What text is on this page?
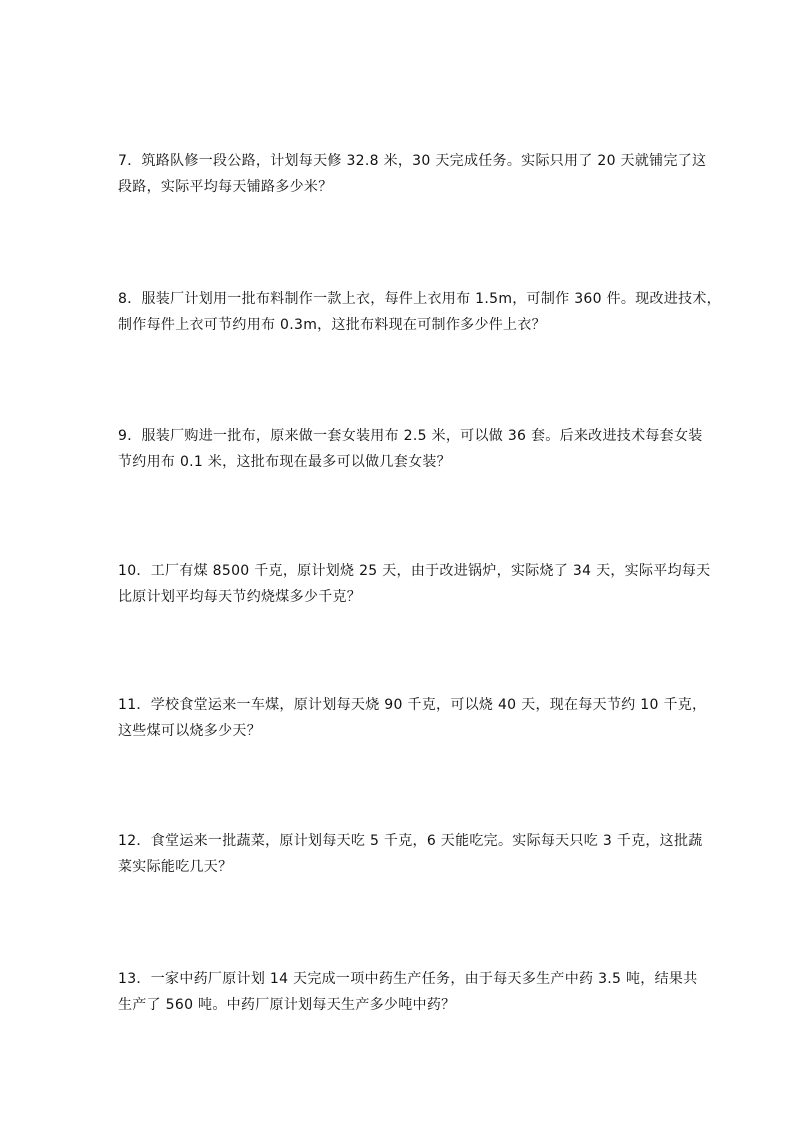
7．筑路队修一段公路，计划每天修 32.8 米，30 天完成任务。实际只用了 20 天就铺完了这
段路，实际平均每天铺路多少米？
8．服装厂计划用一批布料制作一款上衣，每件上衣用布 1.5m，可制作 360 件。现改进技术，
制作每件上衣可节约用布 0.3m，这批布料现在可制作多少件上衣？
9．服装厂购进一批布，原来做一套女装用布 2.5 米，可以做 36 套。后来改进技术每套女装
节约用布 0.1 米，这批布现在最多可以做几套女装？
10．工厂有煤 8500 千克，原计划烧 25 天，由于改进锅炉，实际烧了 34 天，实际平均每天
比原计划平均每天节约烧煤多少千克？
11．学校食堂运来一车煤，原计划每天烧 90 千克，可以烧 40 天，现在每天节约 10 千克，
这些煤可以烧多少天？
12．食堂运来一批蔬菜，原计划每天吃 5 千克，6 天能吃完。实际每天只吃 3 千克，这批蔬
菜实际能吃几天？
13．一家中药厂原计划 14 天完成一项中药生产任务，由于每天多生产中药 3.5 吨，结果共
生产了 560 吨。中药厂原计划每天生产多少吨中药？
